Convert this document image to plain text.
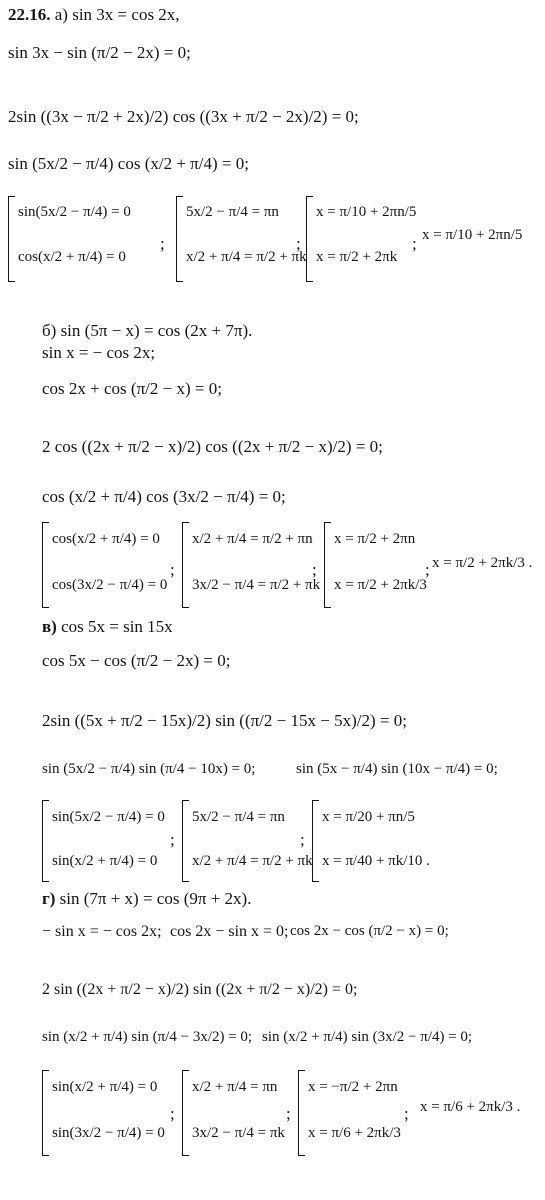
22.16. а) sin 3x = cos 2x,
sin 3x − sin (π/2 − 2x) = 0;
2sin ((3x − π/2 + 2x)/2) cos ((3x + π/2 − 2x)/2) = 0;
sin (5x/2 − π/4) cos (x/2 + π/4) = 0;
sin(5x/2 − π/4) = 0
cos(x/2 + π/4) = 0
;
5x/2 − π/4 = πn
x/2 + π/4 = π/2 + πk
;
x = π/10 + 2πn/5
x = π/2 + 2πk
; x = π/10 + 2πn/5
б) sin (5π − x) = cos (2x + 7π).
sin x = − cos 2x;
cos 2x + cos (π/2 − x) = 0;
2 cos ((2x + π/2 − x)/2) cos ((2x + π/2 − x)/2) = 0;
cos (x/2 + π/4) cos (3x/2 − π/4) = 0;
cos(x/2 + π/4) = 0
cos(3x/2 − π/4) = 0
;
x/2 + π/4 = π/2 + πn
3x/2 − π/4 = π/2 + πk
;
x = π/2 + 2πn
x = π/2 + 2πk/3
; x = π/2 + 2πk/3 .
в) cos 5x = sin 15x
cos 5x − cos (π/2 − 2x) = 0;
2sin ((5x + π/2 − 15x)/2) sin ((π/2 − 15x − 5x)/2) = 0;
sin (5x/2 − π/4) sin (π/4 − 10x) = 0;	sin (5x − π/4) sin (10x − π/4) = 0;
sin(5x/2 − π/4) = 0
sin(x/2 + π/4) = 0
;
5x/2 − π/4 = πn
x/2 + π/4 = π/2 + πk
;
x = π/20 + πn/5
x = π/40 + πk/10 .
г) sin (7π + x) = cos (9π + 2x).
− sin x = − cos 2x; cos 2x − sin x = 0; cos 2x − cos (π/2 − x) = 0;
2 sin ((2x + π/2 − x)/2) sin ((2x + π/2 − x)/2) = 0;
sin (x/2 + π/4) sin (π/4 − 3x/2) = 0; sin (x/2 + π/4) sin (3x/2 − π/4) = 0;
sin(x/2 + π/4) = 0
sin(3x/2 − π/4) = 0
;
x/2 + π/4 = πn
3x/2 − π/4 = πk
;
x = −π/2 + 2πn
x = π/6 + 2πk/3
; x = π/6 + 2πk/3 .
